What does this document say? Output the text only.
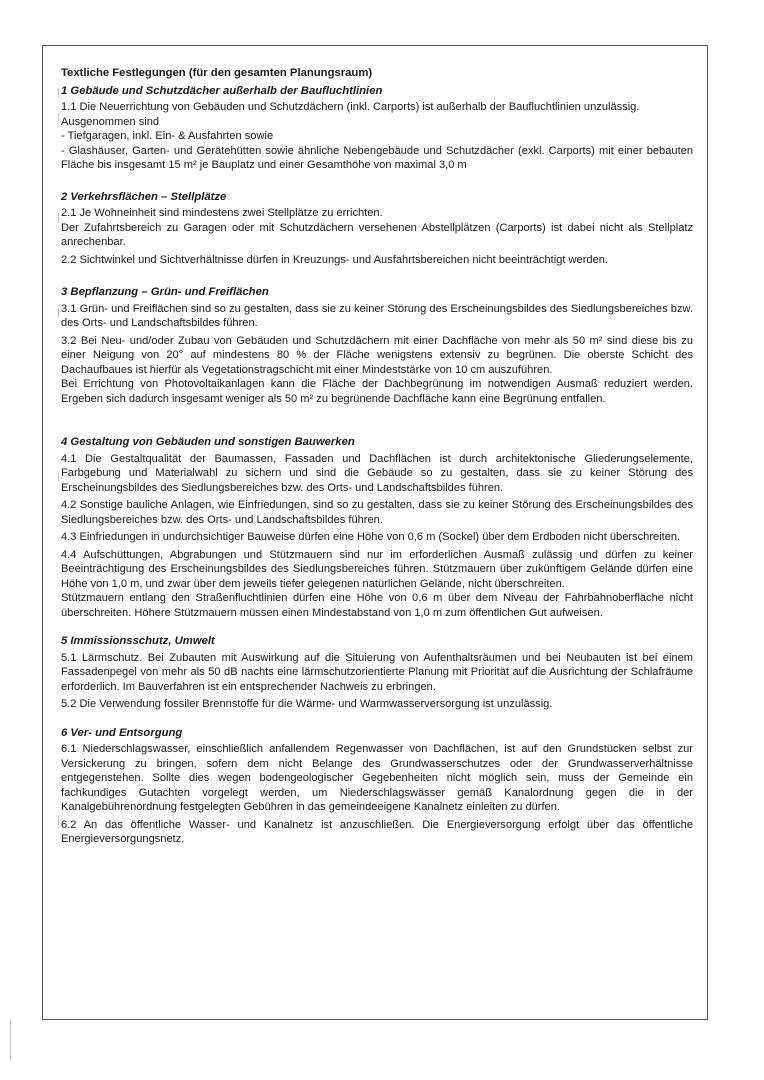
Textliche Festlegungen (für den gesamten Planungsraum)
1 Gebäude und Schutzdächer außerhalb der Baufluchtlinien
1.1 Die Neuerrichtung von Gebäuden und Schutzdächern (inkl. Carports) ist außerhalb der Baufluchtlinien unzulässig.
Ausgenommen sind
- Tiefgaragen, inkl. Ein- & Ausfahrten sowie
- Glashäuser, Garten- und Gerätehütten sowie ähnliche Nebengebäude und Schutzdächer (exkl. Carports) mit einer bebauten Fläche bis insgesamt 15 m² je Bauplatz und einer Gesamthöhe von maximal 3,0 m
2 Verkehrsflächen – Stellplätze
2.1 Je Wohneinheit sind mindestens zwei Stellplätze zu errichten.
Der Zufahrtsbereich zu Garagen oder mit Schutzdächern versehenen Abstellplätzen (Carports) ist dabei nicht als Stellplatz anrechenbar.
2.2 Sichtwinkel und Sichtverhältnisse dürfen in Kreuzungs- und Ausfahrtsbereichen nicht beeinträchtigt werden.
3 Bepflanzung – Grün- und Freiflächen
3.1 Grün- und Freiflächen sind so zu gestalten, dass sie zu keiner Störung des Erscheinungsbildes des Siedlungsbereiches bzw. des Orts- und Landschaftsbildes führen.
3.2 Bei Neu- und/oder Zubau von Gebäuden und Schutzdächern mit einer Dachfläche von mehr als 50 m² sind diese bis zu einer Neigung von 20° auf mindestens 80 % der Fläche wenigstens extensiv zu begrünen. Die oberste Schicht des Dachaufbaues ist hierfür als Vegetationstragschicht mit einer Mindeststärke von 10 cm auszuführen.
Bei Errichtung von Photovoltaikanlagen kann die Fläche der Dachbegrünung im notwendigen Ausmaß reduziert werden. Ergeben sich dadurch insgesamt weniger als 50 m² zu begrünende Dachfläche kann eine Begrünung entfallen.
4 Gestaltung von Gebäuden und sonstigen Bauwerken
4.1 Die Gestaltqualität der Baumassen, Fassaden und Dachflächen ist durch architektonische Gliederungselemente, Farbgebung und Materialwahl zu sichern und sind die Gebäude so zu gestalten, dass sie zu keiner Störung des Erscheinungsbildes des Siedlungsbereiches bzw. des Orts- und Landschaftsbildes führen.
4.2 Sonstige bauliche Anlagen, wie Einfriedungen, sind so zu gestalten, dass sie zu keiner Störung des Erscheinungsbildes des Siedlungsbereiches bzw. des Orts- und Landschaftsbildes führen.
4.3 Einfriedungen in undurchsichtiger Bauweise dürfen eine Höhe von 0,6 m (Sockel) über dem Erdboden nicht überschreiten.
4.4 Aufschüttungen, Abgrabungen und Stützmauern sind nur im erforderlichen Ausmaß zulässig und dürfen zu keiner Beeinträchtigung des Erscheinungsbildes des Siedlungsbereiches führen. Stützmauern über zukünftigem Gelände dürfen eine Höhe von 1,0 m, und zwar über dem jeweils tiefer gelegenen natürlichen Gelände, nicht überschreiten.
Stützmauern entlang den Straßenfluchtlinien dürfen eine Höhe von 0,6 m über dem Niveau der Fahrbahnoberfläche nicht überschreiten. Höhere Stützmauern müssen einen Mindestabstand von 1,0 m zum öffentlichen Gut aufweisen.
5 Immissionsschutz, Umwelt
5.1 Lärmschutz. Bei Zubauten mit Auswirkung auf die Situierung von Aufenthaltsräumen und bei Neubauten ist bei einem Fassadenpegel von mehr als 50 dB nachts eine lärmschutzorientierte Planung mit Priorität auf die Ausrichtung der Schlafräume erforderlich. Im Bauverfahren ist ein entsprechender Nachweis zu erbringen.
5.2 Die Verwendung fossiler Brennstoffe für die Wärme- und Warmwasserversorgung ist unzulässig.
6 Ver- und Entsorgung
6.1 Niederschlagswasser, einschließlich anfallendem Regenwasser von Dachflächen, ist auf den Grundstücken selbst zur Versickerung zu bringen, sofern dem nicht Belange des Grundwasserschutzes oder der Grundwasserverhältnisse entgegenstehen. Sollte dies wegen bodengeologischer Gegebenheiten nicht möglich sein, muss der Gemeinde ein fachkundiges Gutachten vorgelegt werden, um Niederschlagswässer gemäß Kanalordnung gegen die in der Kanalgebührenordnung festgelegten Gebühren in das gemeindeeigene Kanalnetz einleiten zu dürfen.
6.2 An das öffentliche Wasser- und Kanalnetz ist anzuschließen. Die Energieversorgung erfolgt über das öffentliche Energieversorgungsnetz.
